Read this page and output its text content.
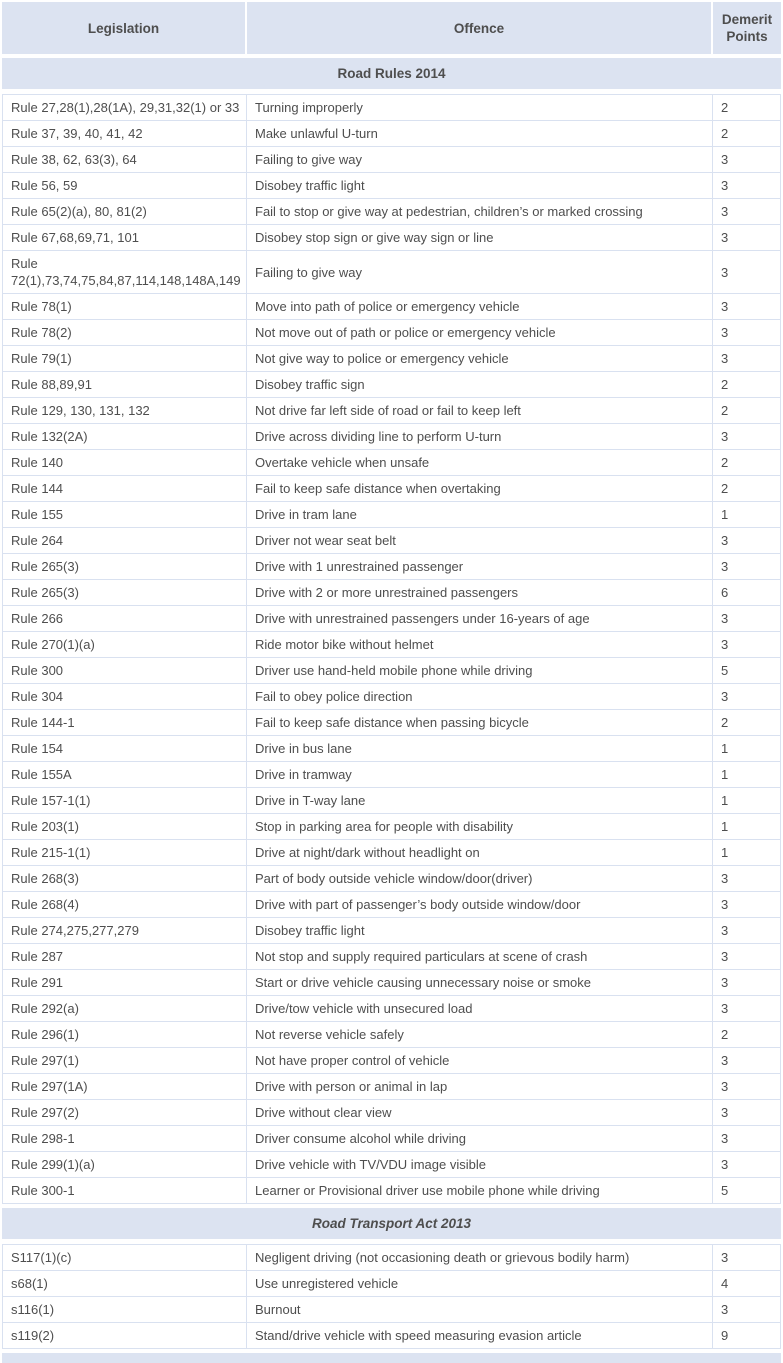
Legislation	Offence	Demerit Points
Road Rules 2014		
Rule 27,28(1),28(1A), 29,31,32(1) or 33	Turning improperly	2
Rule 37, 39, 40, 41, 42	Make unlawful U-turn	2
Rule 38, 62, 63(3), 64	Failing to give way	3
Rule 56, 59	Disobey traffic light	3
Rule 65(2)(a), 80, 81(2)	Fail to stop or give way at pedestrian, children’s or marked crossing	3
Rule 67,68,69,71, 101	Disobey stop sign or give way sign or line	3
Rule 72(1),73,74,75,84,87,114,148,148A,149	Failing to give way	3
Rule 78(1)	Move into path of police or emergency vehicle	3
Rule 78(2)	Not move out of path or police or emergency vehicle	3
Rule 79(1)	Not give way to police or emergency vehicle	3
Rule 88,89,91	Disobey traffic sign	2
Rule 129, 130, 131, 132	Not drive far left side of road or fail to keep left	2
Rule 132(2A)	Drive across dividing line to perform U-turn	3
Rule 140	Overtake vehicle when unsafe	2
Rule 144	Fail to keep safe distance when overtaking	2
Rule 155	Drive in tram lane	1
Rule 264	Driver not wear seat belt	3
Rule 265(3)	Drive with 1 unrestrained passenger	3
Rule 265(3)	Drive with 2 or more unrestrained passengers	6
Rule 266	Drive with unrestrained passengers under 16-years of age	3
Rule 270(1)(a)	Ride motor bike without helmet	3
Rule 300	Driver use hand-held mobile phone while driving	5
Rule 304	Fail to obey police direction	3
Rule 144-1	Fail to keep safe distance when passing bicycle	2
Rule 154	Drive in bus lane	1
Rule 155A	Drive in tramway	1
Rule 157-1(1)	Drive in T-way lane	1
Rule 203(1)	Stop in parking area for people with disability	1
Rule 215-1(1)	Drive at night/dark without headlight on	1
Rule 268(3)	Part of body outside vehicle window/door(driver)	3
Rule 268(4)	Drive with part of passenger’s body outside window/door	3
Rule 274,275,277,279	Disobey traffic light	3
Rule 287	Not stop and supply required particulars at scene of crash	3
Rule 291	Start or drive vehicle causing unnecessary noise or smoke	3
Rule 292(a)	Drive/tow vehicle with unsecured load	3
Rule 296(1)	Not reverse vehicle safely	2
Rule 297(1)	Not have proper control of vehicle	3
Rule 297(1A)	Drive with person or animal in lap	3
Rule 297(2)	Drive without clear view	3
Rule 298-1	Driver consume alcohol while driving	3
Rule 299(1)(a)	Drive vehicle with TV/VDU image visible	3
Rule 300-1	Learner or Provisional driver use mobile phone while driving	5
Road Transport Act 2013		
S117(1)(c)	Negligent driving (not occasioning death or grievous bodily harm)	3
s68(1)	Use unregistered vehicle	4
s116(1)	Burnout	3
s119(2)	Stand/drive vehicle with speed measuring evasion article	9
